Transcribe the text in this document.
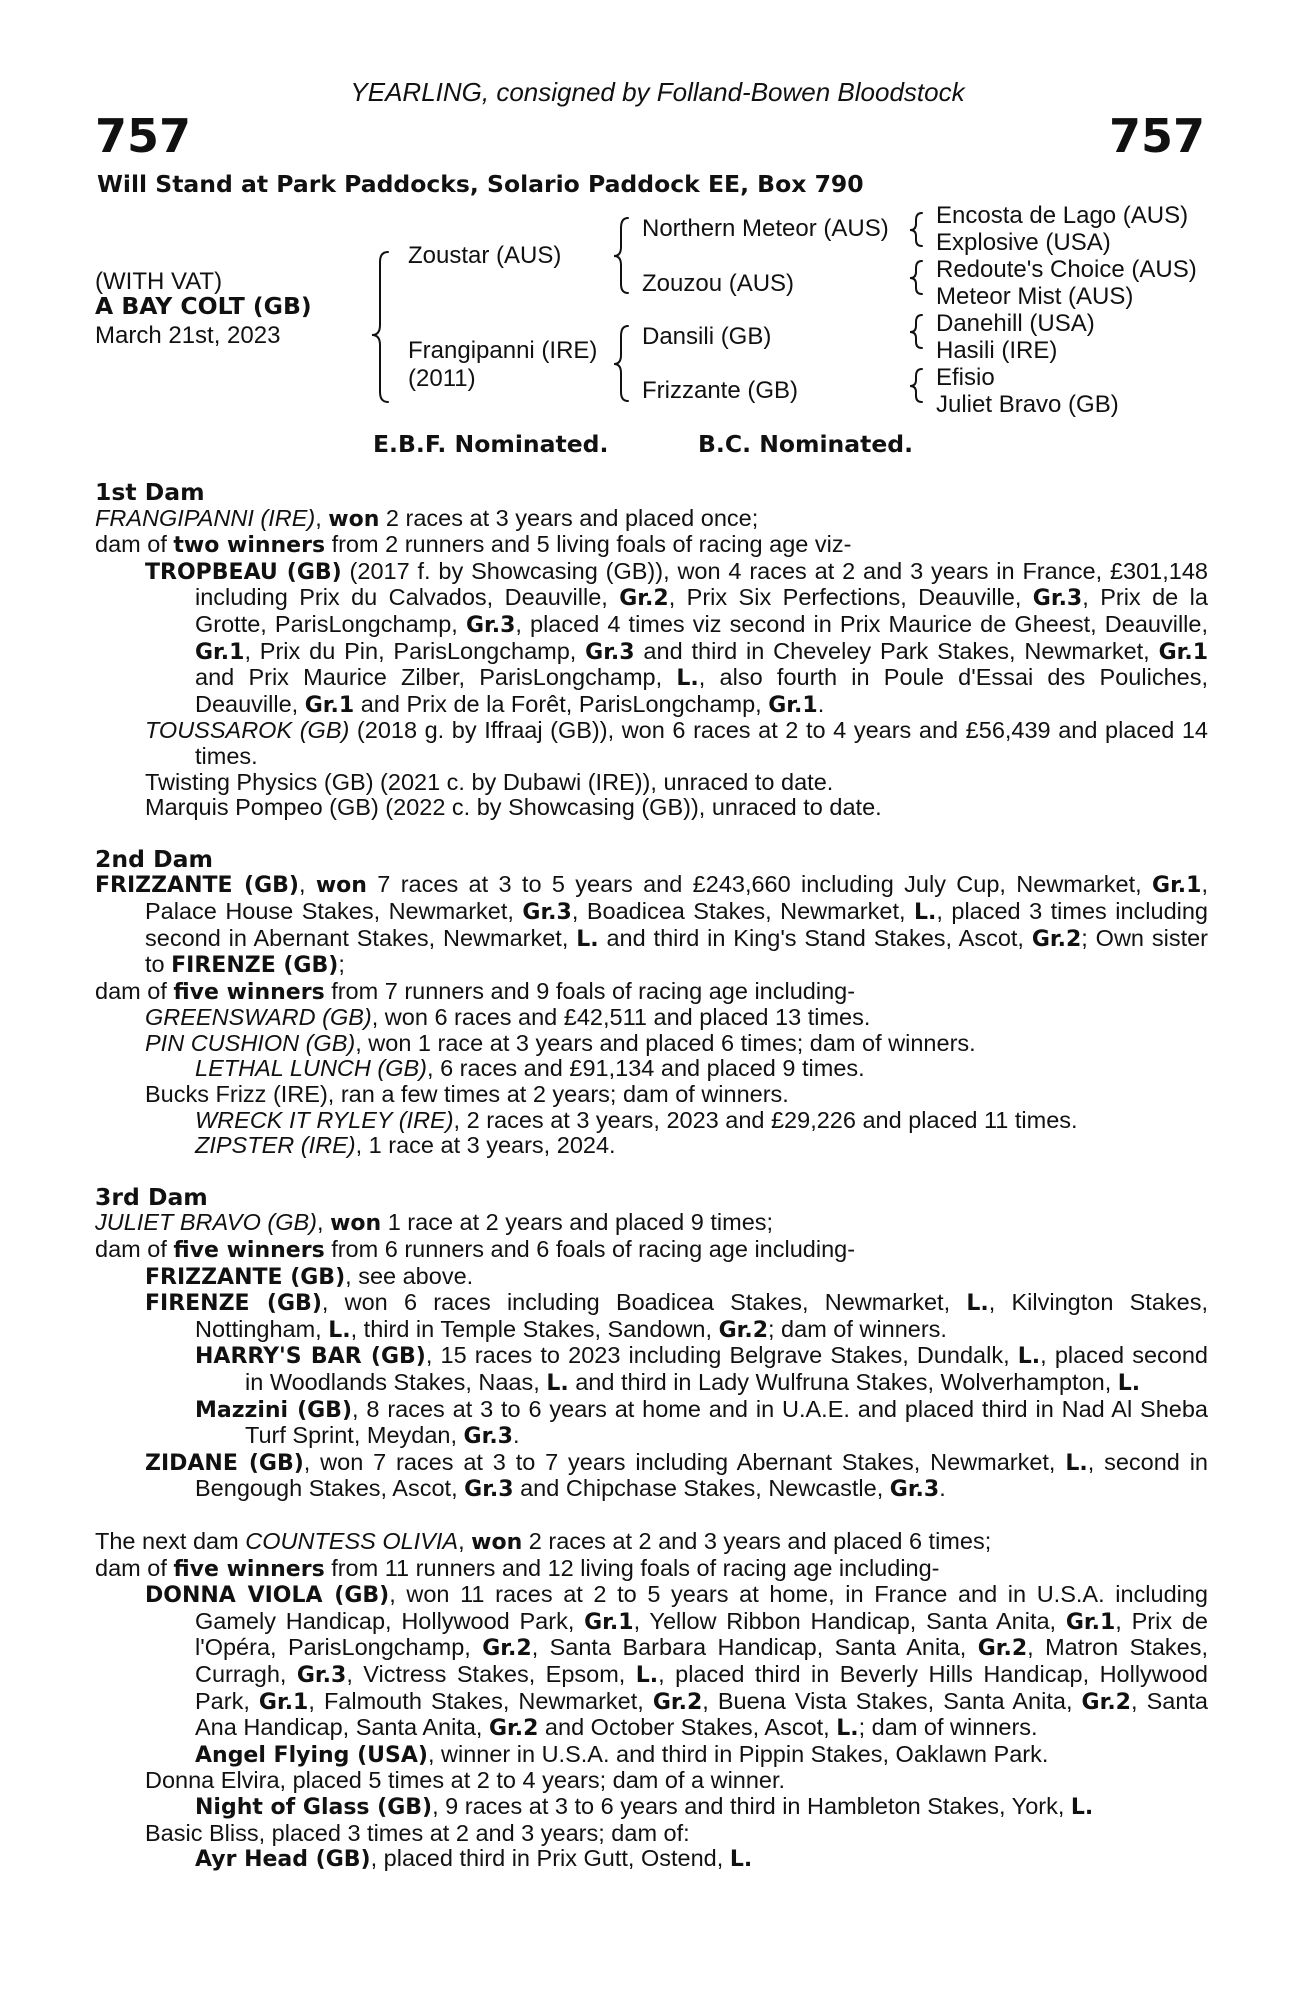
YEARLING, consigned by Folland-Bowen Bloodstock
757	757
Will Stand at Park Paddocks, Solario Paddock EE, Box 790
(WITH VAT)
A BAY COLT (GB)
March 21st, 2023
Zoustar (AUS)
Frangipanni (IRE)
(2011)
Northern Meteor (AUS)
Zouzou (AUS)
Dansili (GB)
Frizzante (GB)
Encosta de Lago (AUS)
Explosive (USA)
Redoute's Choice (AUS)
Meteor Mist (AUS)
Danehill (USA)
Hasili (IRE)
Efisio
Juliet Bravo (GB)
E.B.F. Nominated.	B.C. Nominated.
1st Dam

FRANGIPANNI (IRE), won 2 races at 3 years and placed once;

dam of two winners from 2 runners and 5 living foals of racing age viz-

TROPBEAU (GB) (2017 f. by Showcasing (GB)), won 4 races at 2 and 3 years in France, £301,148 including Prix du Calvados, Deauville, Gr.2, Prix Six Perfections, Deauville, Gr.3, Prix de la Grotte, ParisLongchamp, Gr.3, placed 4 times viz second in Prix Maurice de Gheest, Deauville, Gr.1, Prix du Pin, ParisLongchamp, Gr.3 and third in Cheveley Park Stakes, Newmarket, Gr.1 and Prix Maurice Zilber, ParisLongchamp, L., also fourth in Poule d'Essai des Pouliches, Deauville, Gr.1 and Prix de la Forêt, ParisLongchamp, Gr.1.

TOUSSAROK (GB) (2018 g. by Iffraaj (GB)), won 6 races at 2 to 4 years and £56,439 and placed 14 times.

Twisting Physics (GB) (2021 c. by Dubawi (IRE)), unraced to date.

Marquis Pompeo (GB) (2022 c. by Showcasing (GB)), unraced to date.

2nd Dam

FRIZZANTE (GB), won 7 races at 3 to 5 years and £243,660 including July Cup, Newmarket, Gr.1, Palace House Stakes, Newmarket, Gr.3, Boadicea Stakes, Newmarket, L., placed 3 times including second in Abernant Stakes, Newmarket, L. and third in King's Stand Stakes, Ascot, Gr.2; Own sister to FIRENZE (GB);

dam of five winners from 7 runners and 9 foals of racing age including-

GREENSWARD (GB), won 6 races and £42,511 and placed 13 times.

PIN CUSHION (GB), won 1 race at 3 years and placed 6 times; dam of winners.

LETHAL LUNCH (GB), 6 races and £91,134 and placed 9 times.

Bucks Frizz (IRE), ran a few times at 2 years; dam of winners.

WRECK IT RYLEY (IRE), 2 races at 3 years, 2023 and £29,226 and placed 11 times.

ZIPSTER (IRE), 1 race at 3 years, 2024.

3rd Dam

JULIET BRAVO (GB), won 1 race at 2 years and placed 9 times;

dam of five winners from 6 runners and 6 foals of racing age including-

FRIZZANTE (GB), see above.

FIRENZE (GB), won 6 races including Boadicea Stakes, Newmarket, L., Kilvington Stakes, Nottingham, L., third in Temple Stakes, Sandown, Gr.2; dam of winners.

HARRY'S BAR (GB), 15 races to 2023 including Belgrave Stakes, Dundalk, L., placed second in Woodlands Stakes, Naas, L. and third in Lady Wulfruna Stakes, Wolverhampton, L.

Mazzini (GB), 8 races at 3 to 6 years at home and in U.A.E. and placed third in Nad Al Sheba Turf Sprint, Meydan, Gr.3.

ZIDANE (GB), won 7 races at 3 to 7 years including Abernant Stakes, Newmarket, L., second in Bengough Stakes, Ascot, Gr.3 and Chipchase Stakes, Newcastle, Gr.3.

The next dam COUNTESS OLIVIA, won 2 races at 2 and 3 years and placed 6 times;

dam of five winners from 11 runners and 12 living foals of racing age including-

DONNA VIOLA (GB), won 11 races at 2 to 5 years at home, in France and in U.S.A. including Gamely Handicap, Hollywood Park, Gr.1, Yellow Ribbon Handicap, Santa Anita, Gr.1, Prix de l'Opéra, ParisLongchamp, Gr.2, Santa Barbara Handicap, Santa Anita, Gr.2, Matron Stakes, Curragh, Gr.3, Victress Stakes, Epsom, L., placed third in Beverly Hills Handicap, Hollywood Park, Gr.1, Falmouth Stakes, Newmarket, Gr.2, Buena Vista Stakes, Santa Anita, Gr.2, Santa Ana Handicap, Santa Anita, Gr.2 and October Stakes, Ascot, L.; dam of winners.

Angel Flying (USA), winner in U.S.A. and third in Pippin Stakes, Oaklawn Park.

Donna Elvira, placed 5 times at 2 to 4 years; dam of a winner.

Night of Glass (GB), 9 races at 3 to 6 years and third in Hambleton Stakes, York, L.

Basic Bliss, placed 3 times at 2 and 3 years; dam of:

Ayr Head (GB), placed third in Prix Gutt, Ostend, L.
